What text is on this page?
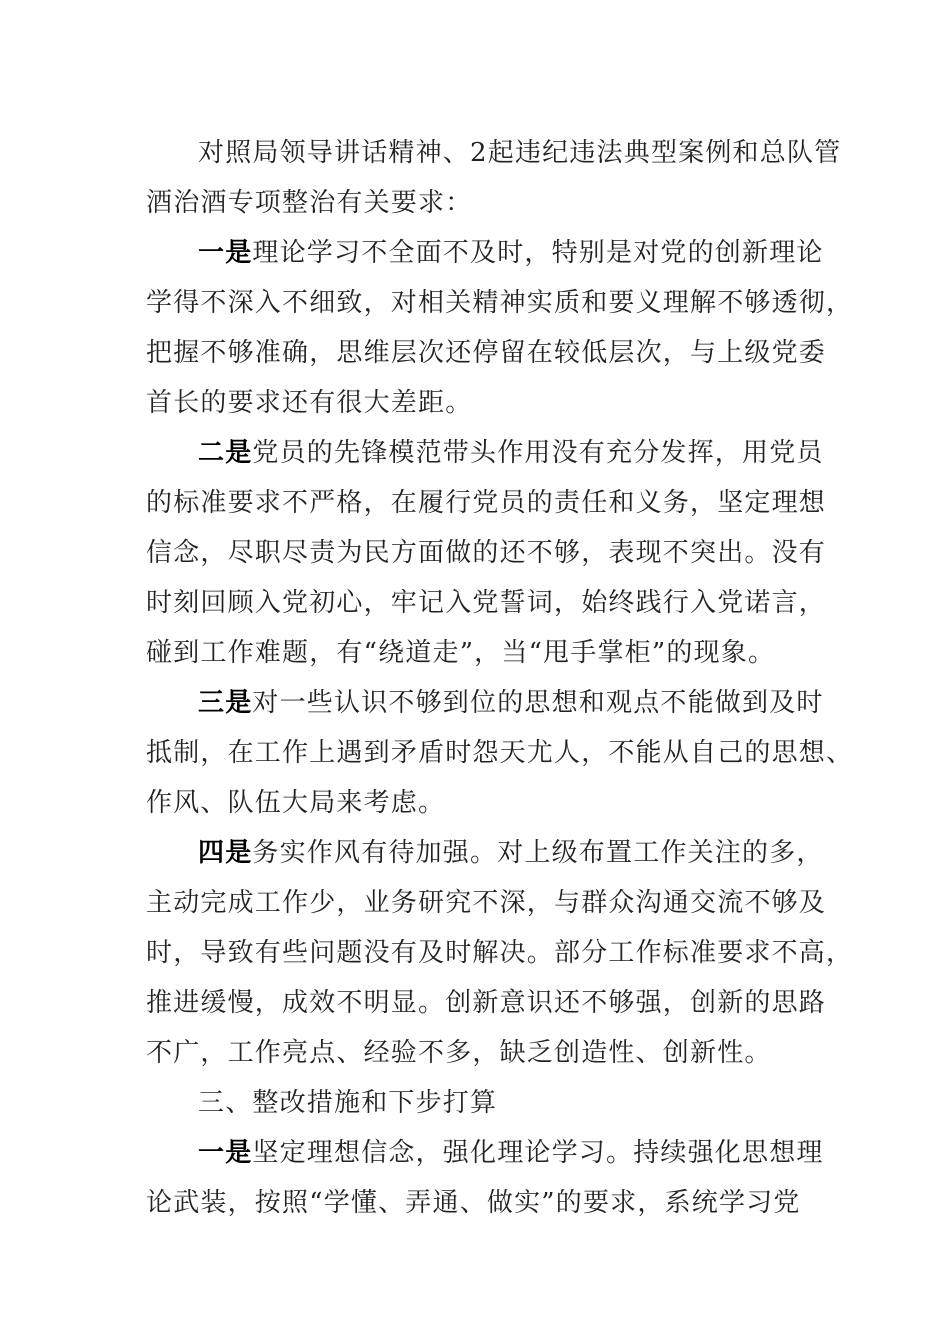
对照局领导讲话精神、2起违纪违法典型案例和总队管
酒治酒专项整治有关要求：
一是理论学习不全面不及时，特别是对党的创新理论
学得不深入不细致，对相关精神实质和要义理解不够透彻，
把握不够准确，思维层次还停留在较低层次，与上级党委
首长的要求还有很大差距。
二是党员的先锋模范带头作用没有充分发挥，用党员
的标准要求不严格，在履行党员的责任和义务，坚定理想
信念，尽职尽责为民方面做的还不够，表现不突出。没有
时刻回顾入党初心，牢记入党誓词，始终践行入党诺言，
碰到工作难题，有“绕道走”，当“甩手掌柜”的现象。
三是对一些认识不够到位的思想和观点不能做到及时
抵制，在工作上遇到矛盾时怨天尤人，不能从自己的思想、
作风、队伍大局来考虑。
四是务实作风有待加强。对上级布置工作关注的多，
主动完成工作少，业务研究不深，与群众沟通交流不够及
时，导致有些问题没有及时解决。部分工作标准要求不高，
推进缓慢，成效不明显。创新意识还不够强，创新的思路
不广，工作亮点、经验不多，缺乏创造性、创新性。
三、整改措施和下步打算
一是坚定理想信念，强化理论学习。持续强化思想理
论武装，按照“学懂、弄通、做实”的要求，系统学习党
